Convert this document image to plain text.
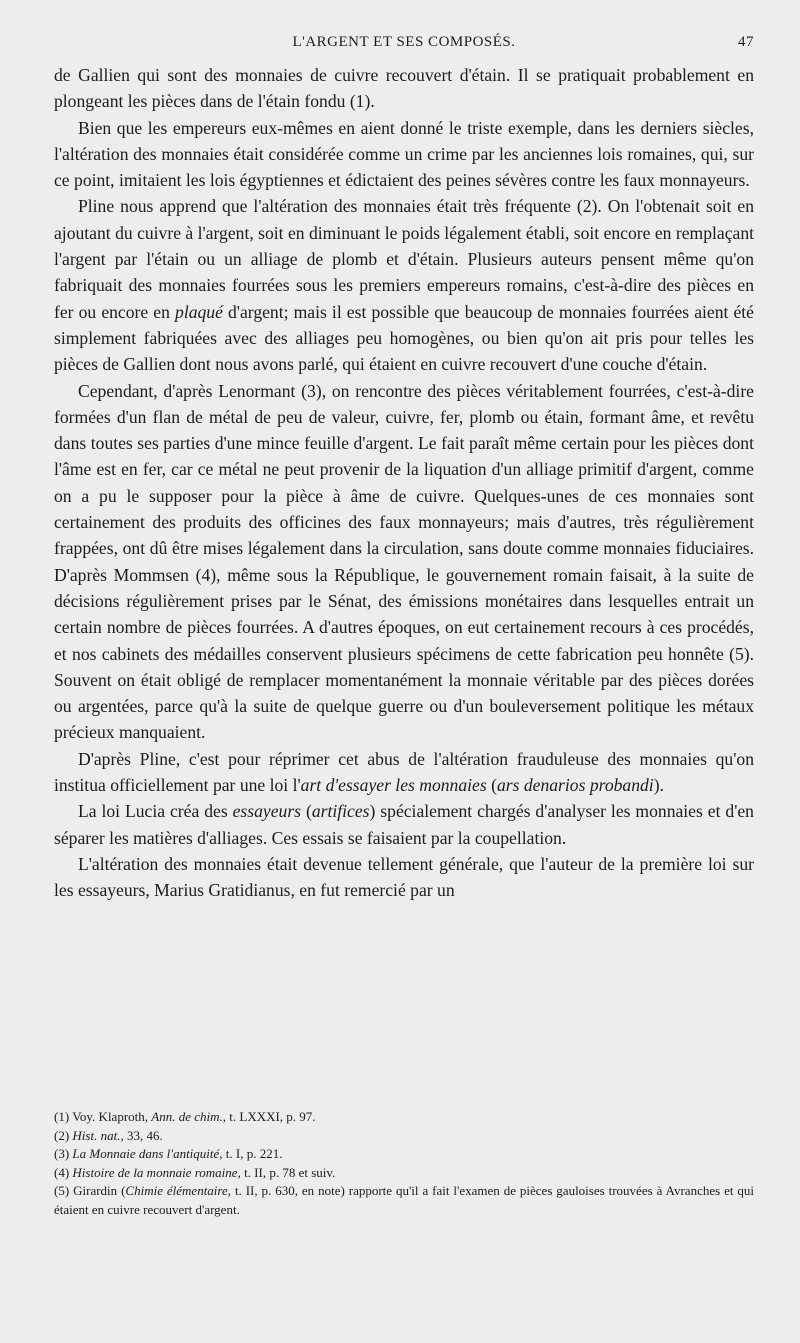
L'ARGENT ET SES COMPOSÉS.	47

de Gallien qui sont des monnaies de cuivre recouvert d'étain. Il se pratiquait probablement en plongeant les pièces dans de l'étain fondu (1).

Bien que les empereurs eux-mêmes en aient donné le triste exemple, dans les derniers siècles, l'altération des monnaies était considérée comme un crime par les anciennes lois romaines, qui, sur ce point, imitaient les lois égyptiennes et édictaient des peines sévères contre les faux monnayeurs.

Pline nous apprend que l'altération des monnaies était très fréquente (2). On l'obtenait soit en ajoutant du cuivre à l'argent, soit en diminuant le poids légalement établi, soit encore en remplaçant l'argent par l'étain ou un alliage de plomb et d'étain. Plusieurs auteurs pensent même qu'on fabriquait des monnaies fourrées sous les premiers empereurs romains, c'est-à-dire des pièces en fer ou encore en plaqué d'argent; mais il est possible que beaucoup de monnaies fourrées aient été simplement fabriquées avec des alliages peu homogènes, ou bien qu'on ait pris pour telles les pièces de Gallien dont nous avons parlé, qui étaient en cuivre recouvert d'une couche d'étain.

Cependant, d'après Lenormant (3), on rencontre des pièces véritablement fourrées, c'est-à-dire formées d'un flan de métal de peu de valeur, cuivre, fer, plomb ou étain, formant âme, et revêtu dans toutes ses parties d'une mince feuille d'argent. Le fait paraît même certain pour les pièces dont l'âme est en fer, car ce métal ne peut provenir de la liquation d'un alliage primitif d'argent, comme on a pu le supposer pour la pièce à âme de cuivre. Quelques-unes de ces monnaies sont certainement des produits des officines des faux monnayeurs; mais d'autres, très régulièrement frappées, ont dû être mises légalement dans la circulation, sans doute comme monnaies fiduciaires. D'après Mommsen (4), même sous la République, le gouvernement romain faisait, à la suite de décisions régulièrement prises par le Sénat, des émissions monétaires dans lesquelles entrait un certain nombre de pièces fourrées. A d'autres époques, on eut certainement recours à ces procédés, et nos cabinets des médailles conservent plusieurs spécimens de cette fabrication peu honnête (5). Souvent on était obligé de remplacer momentanément la monnaie véritable par des pièces dorées ou argentées, parce qu'à la suite de quelque guerre ou d'un bouleversement politique les métaux précieux manquaient.

D'après Pline, c'est pour réprimer cet abus de l'altération frauduleuse des monnaies qu'on institua officiellement par une loi l'art d'essayer les monnaies (ars denarios probandi).

La loi Lucia créa des essayeurs (artifices) spécialement chargés d'analyser les monnaies et d'en séparer les matières d'alliages. Ces essais se faisaient par la coupellation.

L'altération des monnaies était devenue tellement générale, que l'auteur de la première loi sur les essayeurs, Marius Gratidianus, en fut remercié par un

(1) Voy. Klaproth, Ann. de chim., t. LXXXI, p. 97.

(2) Hist. nat., 33, 46.

(3) La Monnaie dans l'antiquité, t. I, p. 221.

(4) Histoire de la monnaie romaine, t. II, p. 78 et suiv.

(5) Girardin (Chimie élémentaire, t. II, p. 630, en note) rapporte qu'il a fait l'examen de pièces gauloises trouvées à Avranches et qui étaient en cuivre recouvert d'argent.
